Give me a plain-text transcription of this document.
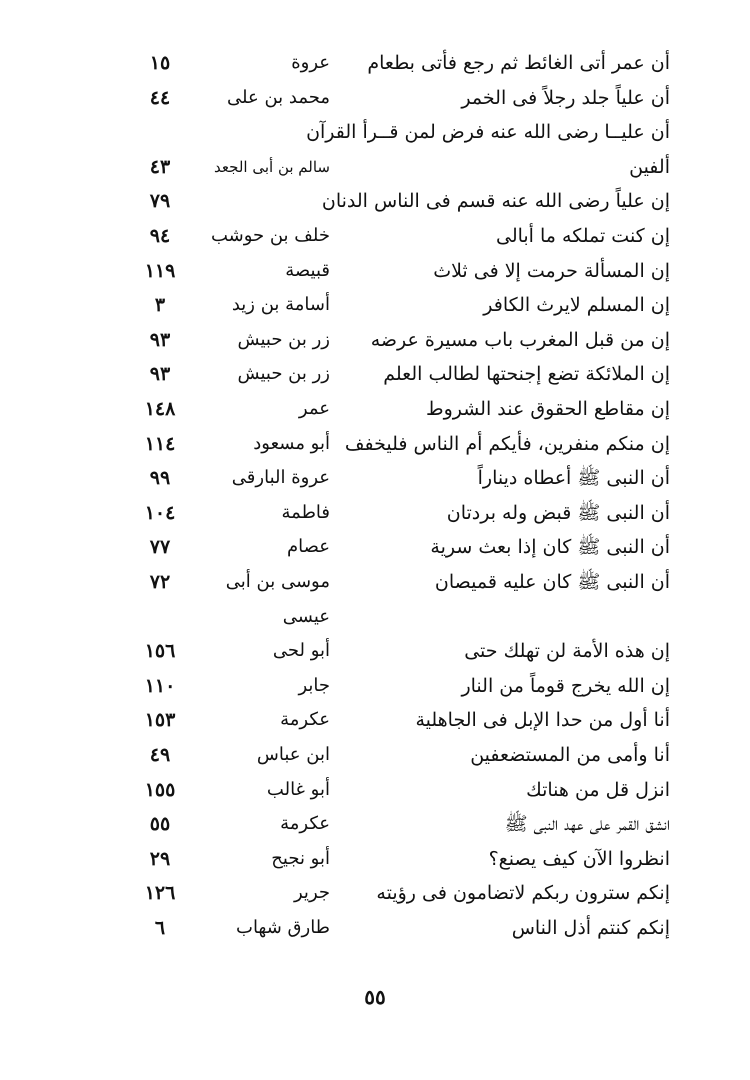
أن عمر أتى الغائط ثم رجع فأتى بطعام
عروة
١٥
أن علياً جلد رجلاً فى الخمر
محمد بن على
٤٤
أن عليــا رضى الله عنه فرض لمن قــرأ القرآن
ألفين
سالم بن أبى الجعد
٤٣
إن علياً رضى الله عنه قسم فى الناس الدنان
٧٩
إن كنت تملكه ما أبالى
خلف بن حوشب
٩٤
إن المسألة حرمت إلا فى ثلاث
قبيصة
١١٩
إن المسلم لايرث الكافر
أسامة بن زيد
٣
إن من قبل المغرب باب مسيرة عرضه
زر بن حبيش
٩٣
إن الملائكة تضع إجنحتها لطالب العلم
زر بن حبيش
٩٣
إن مقاطع الحقوق عند الشروط
عمر
١٤٨
إن منكم منفرين، فأيكم أم الناس فليخفف
أبو مسعود
١١٤
أن النبى ﷺ أعطاه ديناراً
عروة البارقى
٩٩
أن النبى ﷺ قبض وله بردتان
فاطمة
١٠٤
أن النبى ﷺ كان إذا بعث سرية
عصام
٧٧
أن النبى ﷺ كان عليه قميصان
موسى بن أبى
٧٢
عيسى
إن هذه الأمة لن تهلك حتى
أبو لحى
١٥٦
إن الله يخرج قوماً من النار
جابر
١١٠
أنا أول من حدا الإبل فى الجاهلية
عكرمة
١٥٣
أنا وأمى من المستضعفين
ابن عباس
٤٩
انزل قل من هناتك
أبو غالب
١٥٥
انشق القمر على عهد النبى ﷺ
عكرمة
٥٥
انظروا الآن كيف يصنع؟
أبو نجيح
٢٩
إنكم سترون ربكم لاتضامون فى رؤيته
جرير
١٢٦
إنكم كنتم أذل الناس
طارق شهاب
٦
٥٥
